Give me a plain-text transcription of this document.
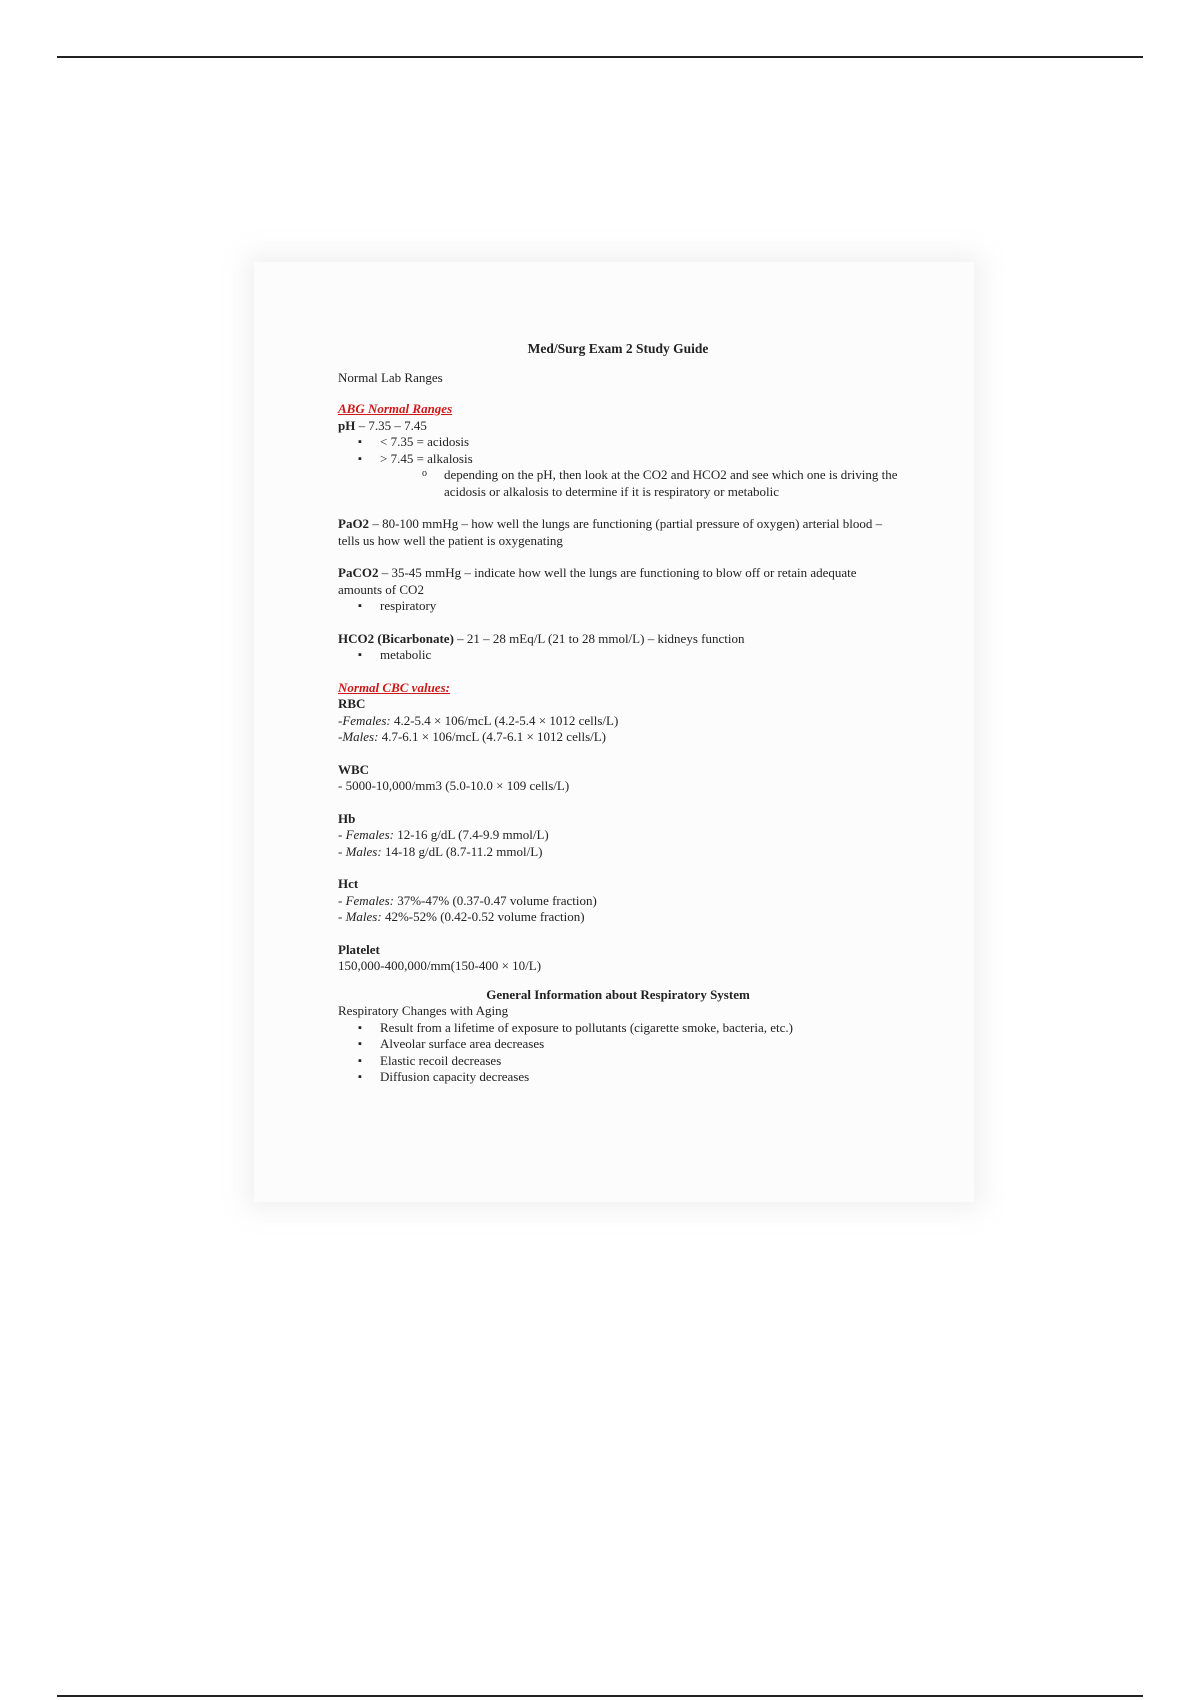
Med/Surg Exam 2 Study Guide

Normal Lab Ranges

ABG Normal Ranges

pH – 7.35 – 7.45

▪ < 7.35 = acidosis
▪ > 7.45 = alkalosis
o depending on the pH, then look at the CO2 and HCO2 and see which one is driving the acidosis or alkalosis to determine if it is respiratory or metabolic

PaO2 – 80-100 mmHg – how well the lungs are functioning (partial pressure of oxygen) arterial blood – tells us how well the patient is oxygenating

PaCO2 – 35-45 mmHg – indicate how well the lungs are functioning to blow off or retain adequate amounts of CO2

▪ respiratory

HCO2 (Bicarbonate) – 21 – 28 mEq/L (21 to 28 mmol/L) – kidneys function

▪ metabolic

Normal CBC values:

RBC

-Females: 4.2-5.4 × 106/mcL (4.2-5.4 × 1012 cells/L)

-Males: 4.7-6.1 × 106/mcL (4.7-6.1 × 1012 cells/L)

WBC

- 5000-10,000/mm3 (5.0-10.0 × 109 cells/L)

Hb

- Females: 12-16 g/dL (7.4-9.9 mmol/L)

- Males: 14-18 g/dL (8.7-11.2 mmol/L)

Hct

- Females: 37%-47% (0.37-0.47 volume fraction)

- Males: 42%-52% (0.42-0.52 volume fraction)

Platelet

150,000-400,000/mm(150-400 × 10/L)

General Information about Respiratory System

Respiratory Changes with Aging

▪ Result from a lifetime of exposure to pollutants (cigarette smoke, bacteria, etc.)
▪ Alveolar surface area decreases
▪ Elastic recoil decreases
▪ Diffusion capacity decreases
